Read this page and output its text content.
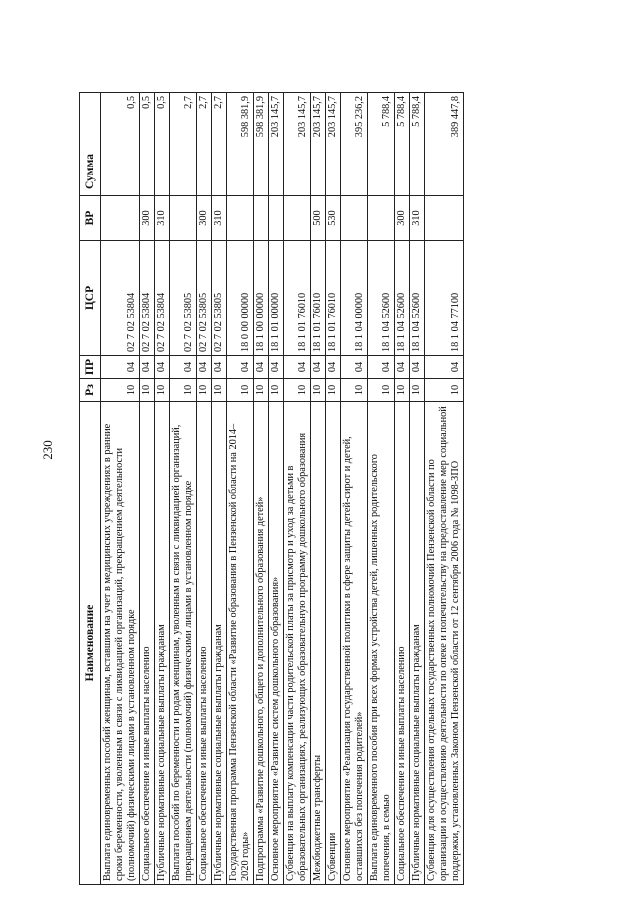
230
Наименование	Рз	ПР	ЦСР	ВР	Сумма
Выплата единовременных пособий женщинам, вставшим на учет в медицинских учреждениях в ранние сроки беременности, уволенным в связи с ликвидацией организаций, прекращением деятельности (полномочий) физическими лицами в установленном порядке	10	04	02 7 02 53804		0,5
Социальное обеспечение и иные выплаты населению	10	04	02 7 02 53804	300	0,5
Публичные нормативные социальные выплаты гражданам	10	04	02 7 02 53804	310	0,5
Выплата пособий по беременности и родам женщинам, уволенным в связи с ликвидацией организаций, прекращением деятельности (полномочий) физическими лицами в установленном порядке	10	04	02 7 02 53805		2,7
Социальное обеспечение и иные выплаты населению	10	04	02 7 02 53805	300	2,7
Публичные нормативные социальные выплаты гражданам	10	04	02 7 02 53805	310	2,7
Государственная программа Пензенской области «Развитие образования в Пензенской области на 2014–2020 годы»	10	04	18 0 00 00000		598 381,9
Подпрограмма «Развитие дошкольного, общего и дополнительного образования детей»	10	04	18 1 00 00000		598 381,9
Основное мероприятие «Развитие систем дошкольного образования»	10	04	18 1 01 00000		203 145,7
Субвенция на выплату компенсации части родительской платы за присмотр и уход за детьми в образовательных организациях, реализующих образовательную программу дошкольного образования	10	04	18 1 01 76010		203 145,7
Межбюджетные трансферты	10	04	18 1 01 76010	500	203 145,7
Субвенции	10	04	18 1 01 76010	530	203 145,7
Основное мероприятие «Реализация государственной политики в сфере защиты детей-сирот и детей, оставшихся без попечения родителей»	10	04	18 1 04 00000		395 236,2
Выплата единовременного пособия при всех формах устройства детей, лишенных родительского попечения, в семью	10	04	18 1 04 52600		5 788,4
Социальное обеспечение и иные выплаты населению	10	04	18 1 04 52600	300	5 788,4
Публичные нормативные социальные выплаты гражданам	10	04	18 1 04 52600	310	5 788,4
Субвенция для осуществления отдельных государственных полномочий Пензенской области по организации и осуществлению деятельности по опеке и попечительству на предоставление мер социальной поддержки, установленных Законом Пензенской области от 12 сентября 2006 года № 1098-ЗПО	10	04	18 1 04 77100		389 447,8
